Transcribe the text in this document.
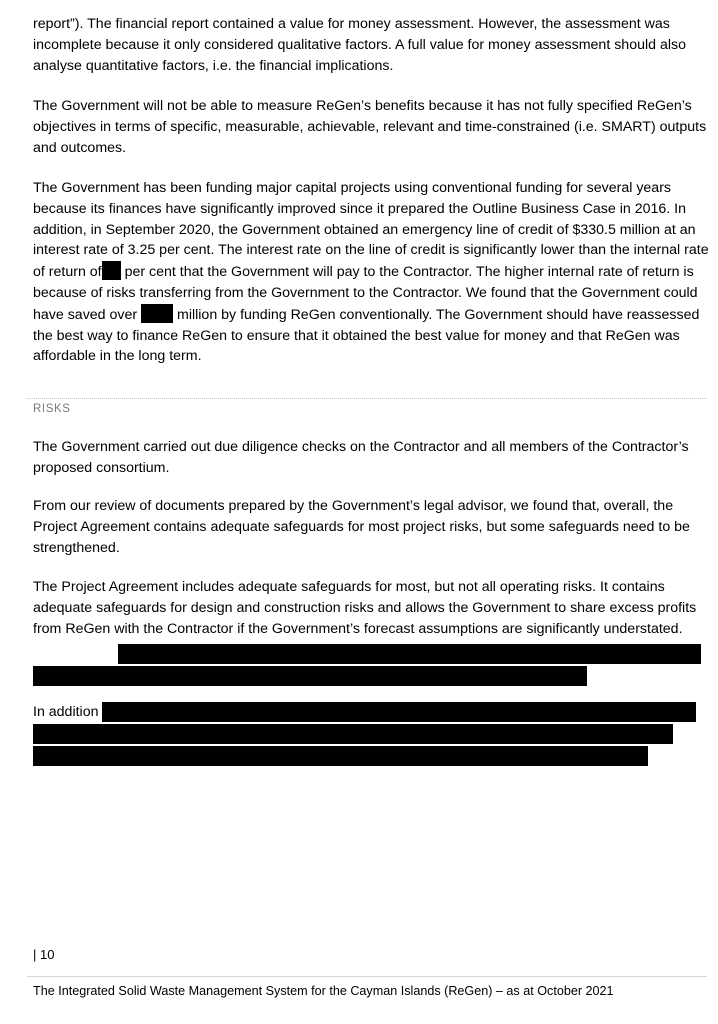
report”). The financial report contained a value for money assessment. However, the assessment was incomplete because it only considered qualitative factors. A full value for money assessment should also analyse quantitative factors, i.e. the financial implications.

The Government will not be able to measure ReGen’s benefits because it has not fully specified ReGen’s objectives in terms of specific, measurable, achievable, relevant and time-constrained (i.e. SMART) outputs and outcomes.

The Government has been funding major capital projects using conventional funding for several years because its finances have significantly improved since it prepared the Outline Business Case in 2016. In addition, in September 2020, the Government obtained an emergency line of credit of $330.5 million at an interest rate of 3.25 per cent. The interest rate on the line of credit is significantly lower than the internal rate of return of per cent that the Government will pay to the Contractor. The higher internal rate of return is because of risks transferring from the Government to the Contractor. We found that the Government could have saved over	million by funding ReGen conventionally. The Government should have reassessed the best way to finance ReGen to ensure that it obtained the best value for money and that ReGen was affordable in the long term.

RISKS

The Government carried out due diligence checks on the Contractor and all members of the Contractor’s proposed consortium.

From our review of documents prepared by the Government’s legal advisor, we found that, overall, the Project Agreement contains adequate safeguards for most project risks, but some safeguards need to be strengthened.

The Project Agreement includes adequate safeguards for most, but not all operating risks. It contains adequate safeguards for design and construction risks and allows the Government to share excess profits from ReGen with the Contractor if the Government’s forecast assumptions are significantly understated.

In addition

| 10
The Integrated Solid Waste Management System for the Cayman Islands (ReGen) – as at October 2021
